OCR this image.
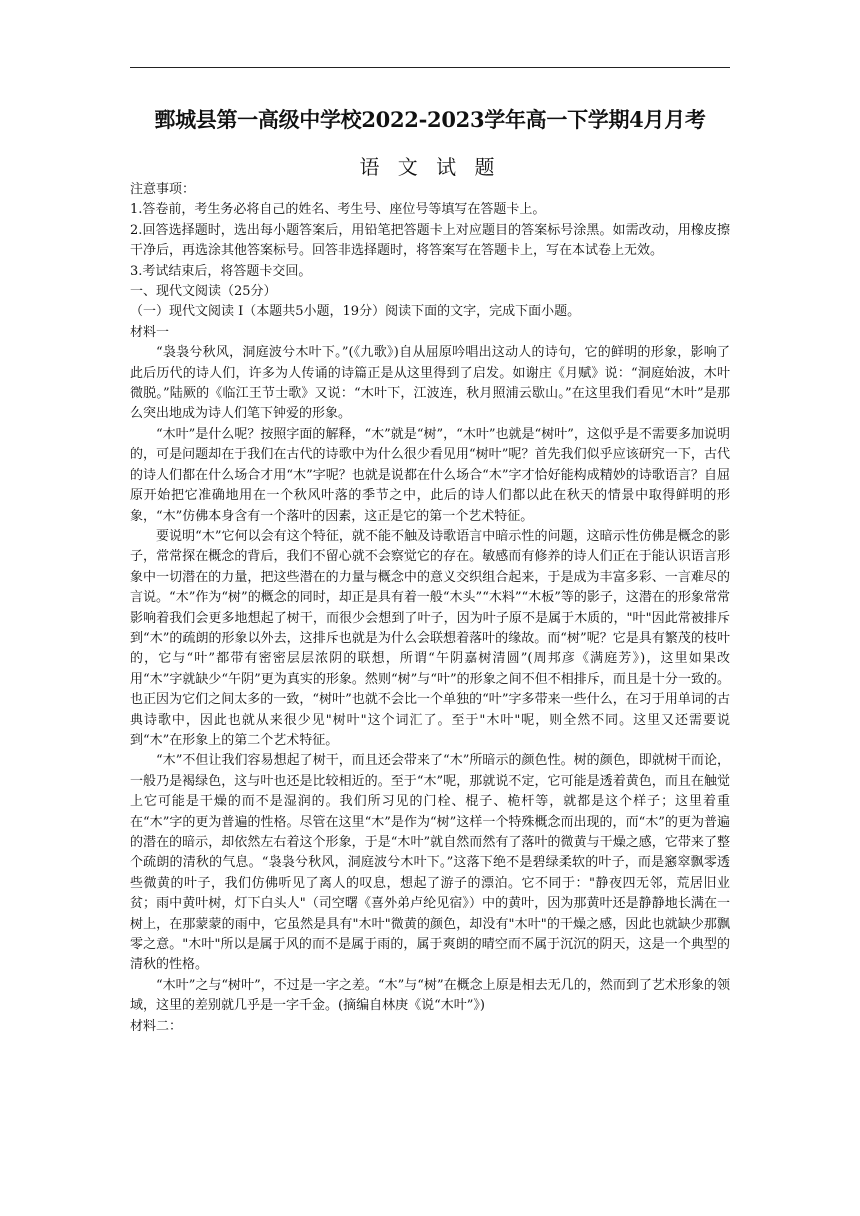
鄄城县第一高级中学校2022-2023学年高一下学期4月月考
语 文 试 题

注意事项：

1.答卷前，考生务必将自己的姓名、考生号、座位号等填写在答题卡上。

2.回答选择题时，选出每小题答案后，用铅笔把答题卡上对应题目的答案标号涂黑。如需改动，用橡皮擦干净后，再选涂其他答案标号。回答非选择题时，将答案写在答题卡上，写在本试卷上无效。

3.考试结束后，将答题卡交回。

一、现代文阅读（25分）

（一）现代文阅读 I（本题共5小题，19分）阅读下面的文字，完成下面小题。

材料一

“袅袅兮秋风，洞庭波兮木叶下。”(《九歌》)自从屈原吟唱出这动人的诗句，它的鲜明的形象，影响了此后历代的诗人们，许多为人传诵的诗篇正是从这里得到了启发。如谢庄《月赋》说：“洞庭始波，木叶微脱。”陆厥的《临江王节士歌》又说：“木叶下，江波连，秋月照浦云歇山。”在这里我们看见“木叶”是那么突出地成为诗人们笔下钟爱的形象。

“木叶”是什么呢？按照字面的解释，“木”就是“树”，“木叶”也就是“树叶”，这似乎是不需要多加说明的，可是问题却在于我们在古代的诗歌中为什么很少看见用“树叶”呢？首先我们似乎应该研究一下，古代的诗人们都在什么场合才用“木”字呢？也就是说都在什么场合“木”字才恰好能构成精妙的诗歌语言？自屈原开始把它准确地用在一个秋风叶落的季节之中，此后的诗人们都以此在秋天的情景中取得鲜明的形象，“木”仿佛本身含有一个落叶的因素，这正是它的第一个艺术特征。

要说明“木”它何以会有这个特征，就不能不触及诗歌语言中暗示性的问题，这暗示性仿佛是概念的影子，常常探在概念的背后，我们不留心就不会察觉它的存在。敏感而有修养的诗人们正在于能认识语言形象中一切潜在的力量，把这些潜在的力量与概念中的意义交织组合起来，于是成为丰富多彩、一言难尽的言说。“木”作为“树”的概念的同时，却正是具有着一般“木头”“木料”“木板”等的影子，这潜在的形象常常影响着我们会更多地想起了树干，而很少会想到了叶子，因为叶子原不是属于木质的，"叶"因此常被排斥到“木”的疏朗的形象以外去，这排斥也就是为什么会联想着落叶的缘故。而“树”呢？它是具有繁茂的枝叶的，它与“叶”都带有密密层层浓阴的联想，所谓“午阴嘉树清圆”(周邦彦《满庭芳》)，这里如果改用“木”字就缺少“午阴”更为真实的形象。然则“树”与“叶”的形象之间不但不相排斥，而且是十分一致的。也正因为它们之间太多的一致，“树叶”也就不会比一个单独的“叶”字多带来一些什么，在习于用单词的古典诗歌中，因此也就从来很少见"树叶"这个词汇了。至于"木叶"呢，则全然不同。这里又还需要说到“木”在形象上的第二个艺术特征。

“木”不但让我们容易想起了树干，而且还会带来了“木”所暗示的颜色性。树的颜色，即就树干而论，一般乃是褐绿色，这与叶也还是比较相近的。至于“木”呢，那就说不定，它可能是透着黄色，而且在触觉上它可能是干燥的而不是湿润的。我们所习见的门栓、棍子、桅杆等，就都是这个样子；这里着重在“木”字的更为普遍的性格。尽管在这里“木”是作为“树”这样一个特殊概念而出现的，而“木”的更为普遍的潜在的暗示，却依然左右着这个形象，于是“木叶”就自然而然有了落叶的微黄与干燥之感，它带来了整个疏朗的清秋的气息。“袅袅兮秋风，洞庭波兮木叶下。”这落下绝不是碧绿柔软的叶子，而是窸窣飘零透些微黄的叶子，我们仿佛听见了离人的叹息，想起了游子的漂泊。它不同于："静夜四无邻，荒居旧业贫；雨中黄叶树，灯下白头人"（司空曙《喜外弟卢纶见宿》）中的黄叶，因为那黄叶还是静静地长满在一树上，在那蒙蒙的雨中，它虽然是具有"木叶"微黄的颜色，却没有"木叶"的干燥之感，因此也就缺少那飘零之意。"木叶"所以是属于风的而不是属于雨的，属于爽朗的晴空而不属于沉沉的阴天，这是一个典型的清秋的性格。

“木叶”之与“树叶”，不过是一字之差。“木”与“树”在概念上原是相去无几的，然而到了艺术形象的领域，这里的差别就几乎是一字千金。(摘编自林庚《说“木叶”》)

材料二：
